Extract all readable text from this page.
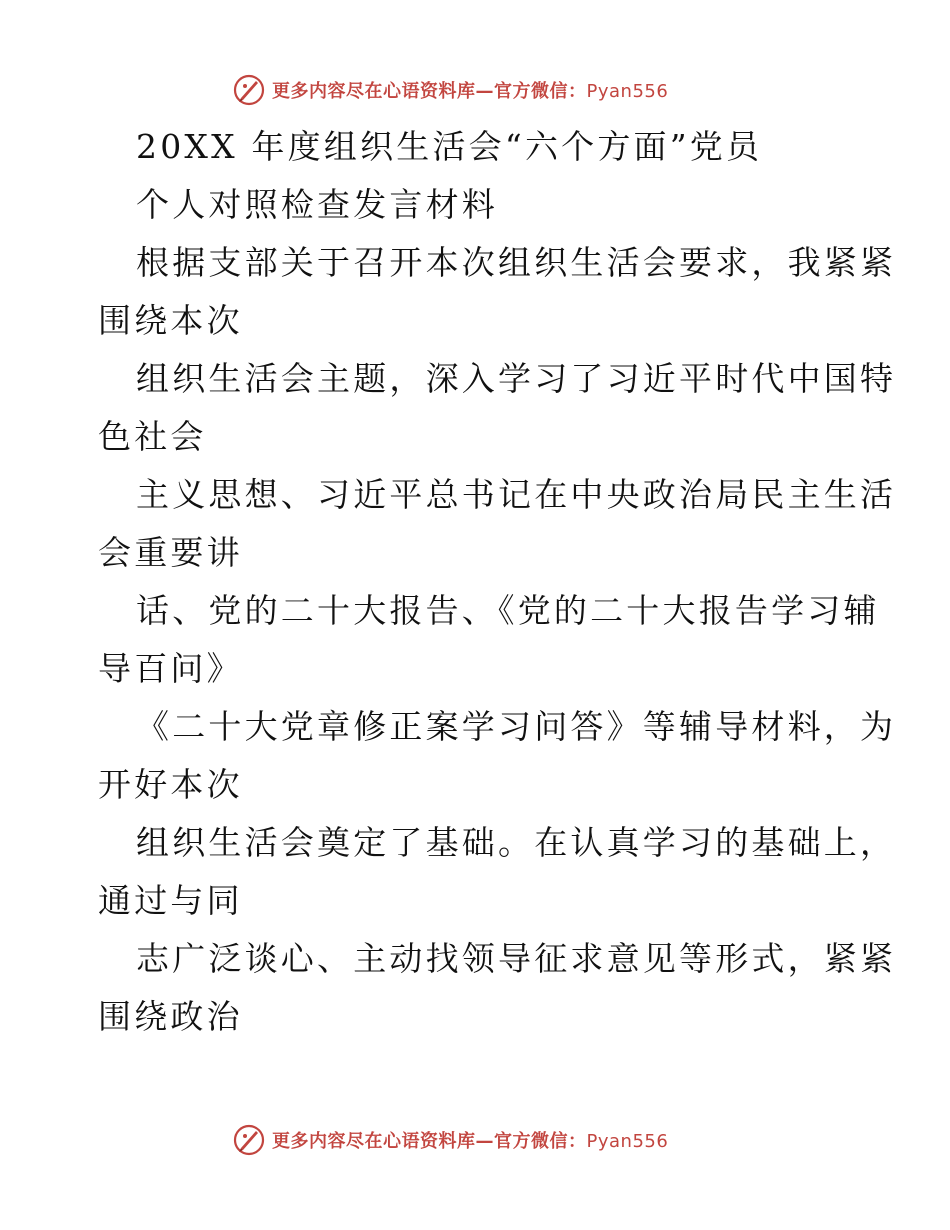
更多内容尽在心语资料库—官方微信：Pyan556
20XX 年度组织生活会“六个方面”党员
个人对照检查发言材料
根据支部关于召开本次组织生活会要求，我紧紧
围绕本次
组织生活会主题，深入学习了习近平时代中国特
色社会
主义思想、习近平总书记在中央政治局民主生活
会重要讲
话、党的二十大报告、《党的二十大报告学习辅
导百问》
《二十大党章修正案学习问答》等辅导材料，为
开好本次
组织生活会奠定了基础。在认真学习的基础上，
通过与同
志广泛谈心、主动找领导征求意见等形式，紧紧
围绕政治
更多内容尽在心语资料库—官方微信：Pyan556
